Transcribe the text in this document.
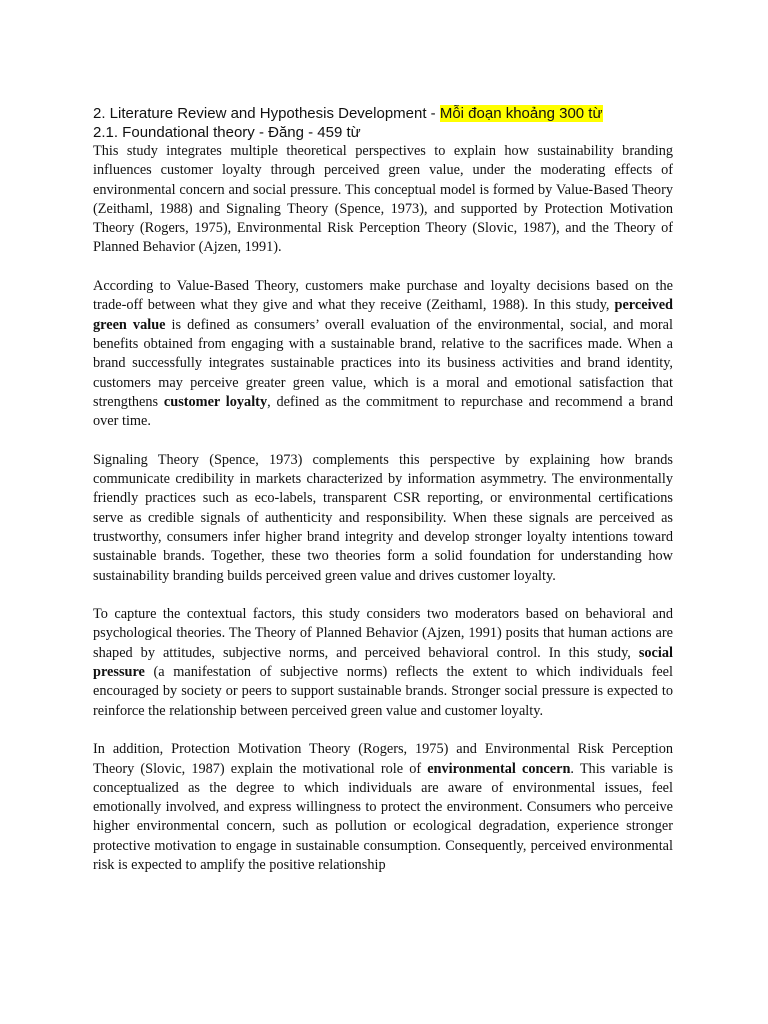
2. Literature Review and Hypothesis Development - Mỗi đoạn khoảng 300 từ
2.1. Foundational theory - Đăng - 459 từ

This study integrates multiple theoretical perspectives to explain how sustainability branding influences customer loyalty through perceived green value, under the moderating effects of environmental concern and social pressure. This conceptual model is formed by Value-Based Theory (Zeithaml, 1988) and Signaling Theory (Spence, 1973), and supported by Protection Motivation Theory (Rogers, 1975), Environmental Risk Perception Theory (Slovic, 1987), and the Theory of Planned Behavior (Ajzen, 1991).

According to Value-Based Theory, customers make purchase and loyalty decisions based on the trade-off between what they give and what they receive (Zeithaml, 1988). In this study, perceived green value is defined as consumers’ overall evaluation of the environmental, social, and moral benefits obtained from engaging with a sustainable brand, relative to the sacrifices made. When a brand successfully integrates sustainable practices into its business activities and brand identity, customers may perceive greater green value, which is a moral and emotional satisfaction that strengthens customer loyalty, defined as the commitment to repurchase and recommend a brand over time.

Signaling Theory (Spence, 1973) complements this perspective by explaining how brands communicate credibility in markets characterized by information asymmetry. The environmentally friendly practices such as eco-labels, transparent CSR reporting, or environmental certifications serve as credible signals of authenticity and responsibility. When these signals are perceived as trustworthy, consumers infer higher brand integrity and develop stronger loyalty intentions toward sustainable brands. Together, these two theories form a solid foundation for understanding how sustainability branding builds perceived green value and drives customer loyalty.

To capture the contextual factors, this study considers two moderators based on behavioral and psychological theories. The Theory of Planned Behavior (Ajzen, 1991) posits that human actions are shaped by attitudes, subjective norms, and perceived behavioral control. In this study, social pressure (a manifestation of subjective norms) reflects the extent to which individuals feel encouraged by society or peers to support sustainable brands. Stronger social pressure is expected to reinforce the relationship between perceived green value and customer loyalty.

In addition, Protection Motivation Theory (Rogers, 1975) and Environmental Risk Perception Theory (Slovic, 1987) explain the motivational role of environmental concern. This variable is conceptualized as the degree to which individuals are aware of environmental issues, feel emotionally involved, and express willingness to protect the environment. Consumers who perceive higher environmental concern, such as pollution or ecological degradation, experience stronger protective motivation to engage in sustainable consumption. Consequently, perceived environmental risk is expected to amplify the positive relationship
